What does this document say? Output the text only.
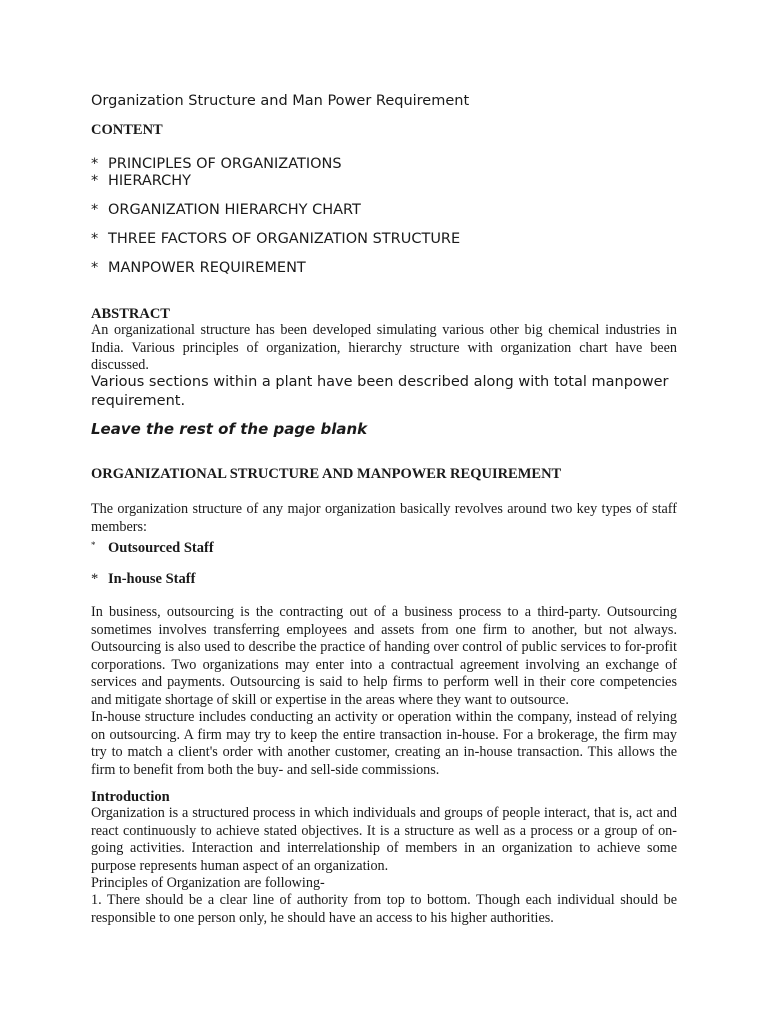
Organization Structure and Man Power Requirement
CONTENT
* PRINCIPLES OF ORGANIZATIONS
* HIERARCHY
* ORGANIZATION HIERARCHY CHART
* THREE FACTORS OF ORGANIZATION STRUCTURE
* MANPOWER REQUIREMENT
ABSTRACT

An organizational structure has been developed simulating various other big chemical industries in India. Various principles of organization, hierarchy structure with organization chart have been discussed.

Various sections within a plant have been described along with total manpower requirement.

Leave the rest of the page blank
ORGANIZATIONAL STRUCTURE AND MANPOWER REQUIREMENT

The organization structure of any major organization basically revolves around two key types of staff members:

* Outsourced Staff
* In-house Staff

In business, outsourcing is the contracting out of a business process to a third-party. Outsourcing sometimes involves transferring employees and assets from one firm to another, but not always. Outsourcing is also used to describe the practice of handing over control of public services to for-profit corporations. Two organizations may enter into a contractual agreement involving an exchange of services and payments. Outsourcing is said to help firms to perform well in their core competencies and mitigate shortage of skill or expertise in the areas where they want to outsource.

In-house structure includes conducting an activity or operation within the company, instead of relying on outsourcing. A firm may try to keep the entire transaction in-house. For a brokerage, the firm may try to match a client's order with another customer, creating an in-house transaction. This allows the firm to benefit from both the buy- and sell-side commissions.

Introduction

Organization is a structured process in which individuals and groups of people interact, that is, act and react continuously to achieve stated objectives. It is a structure as well as a process or a group of on-going activities. Interaction and interrelationship of members in an organization to achieve some purpose represents human aspect of an organization.

Principles of Organization are following-

1. There should be a clear line of authority from top to bottom. Though each individual should be responsible to one person only, he should have an access to his higher authorities.
